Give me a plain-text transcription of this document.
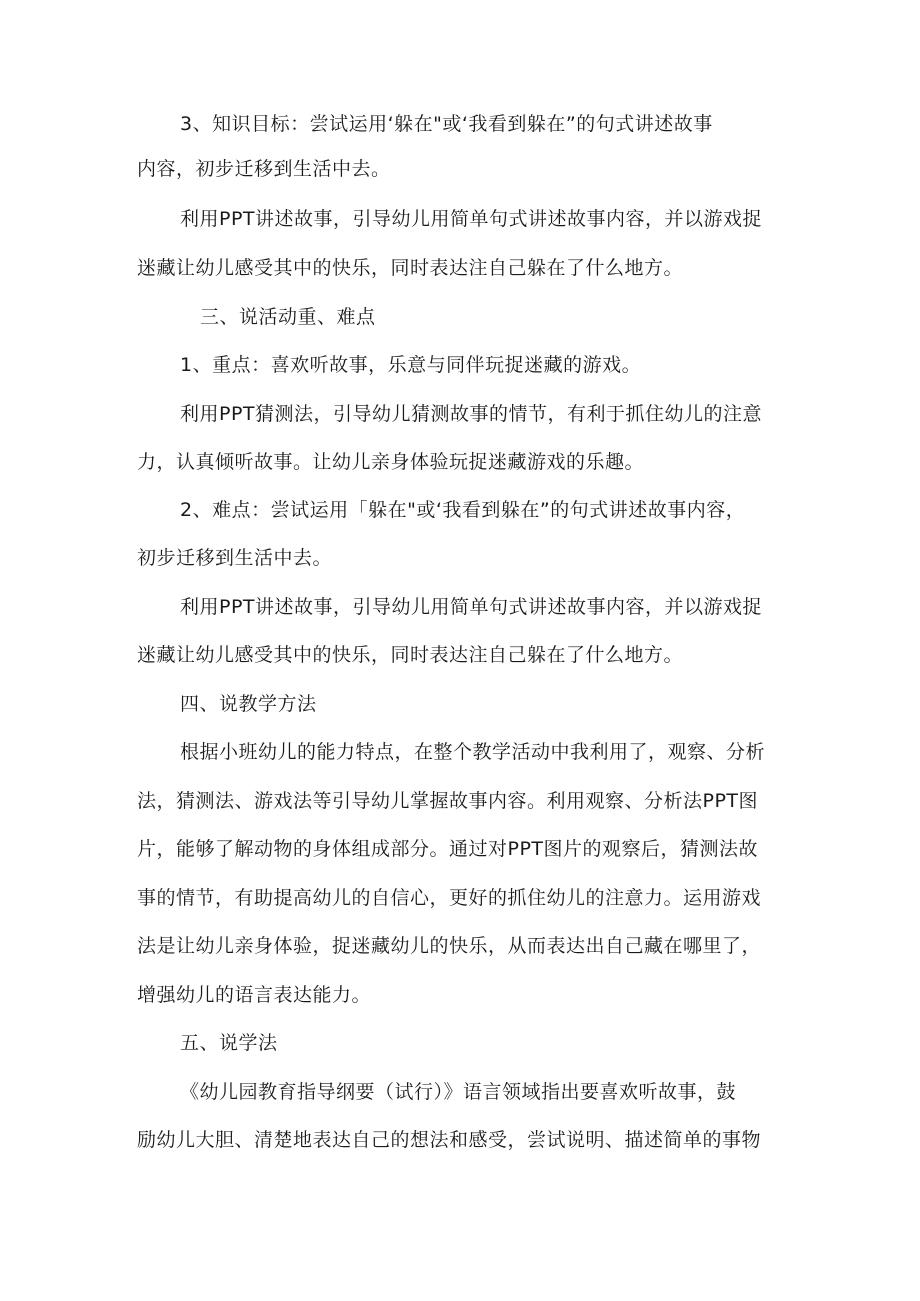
3、知识目标：尝试运用‘躲在"或‘我看到躲在”的句式讲述故事
内容，初步迁移到生活中去。
利用PPT讲述故事，引导幼儿用简单句式讲述故事内容，并以游戏捉
迷藏让幼儿感受其中的快乐，同时表达注自己躲在了什么地方。
三、说活动重、难点
1、重点：喜欢听故事，乐意与同伴玩捉迷藏的游戏。
利用PPT猜测法，引导幼儿猜测故事的情节，有利于抓住幼儿的注意
力，认真倾听故事。让幼儿亲身体验玩捉迷藏游戏的乐趣。
2、难点：尝试运用「躲在"或‘我看到躲在”的句式讲述故事内容，
初步迁移到生活中去。
利用PPT讲述故事，引导幼儿用简单句式讲述故事内容，并以游戏捉
迷藏让幼儿感受其中的快乐，同时表达注自己躲在了什么地方。
四、说教学方法
根据小班幼儿的能力特点，在整个教学活动中我利用了，观察、分析
法，猜测法、游戏法等引导幼儿掌握故事内容。利用观察、分析法PPT图
片，能够了解动物的身体组成部分。通过对PPT图片的观察后，猜测法故
事的情节，有助提高幼儿的自信心，更好的抓住幼儿的注意力。运用游戏
法是让幼儿亲身体验，捉迷藏幼儿的快乐，从而表达出自己藏在哪里了，
增强幼儿的语言表达能力。
五、说学法
《幼儿园教育指导纲要（试行）》语言领域指出要喜欢听故事，鼓
励幼儿大胆、清楚地表达自己的想法和感受，尝试说明、描述简单的事物
